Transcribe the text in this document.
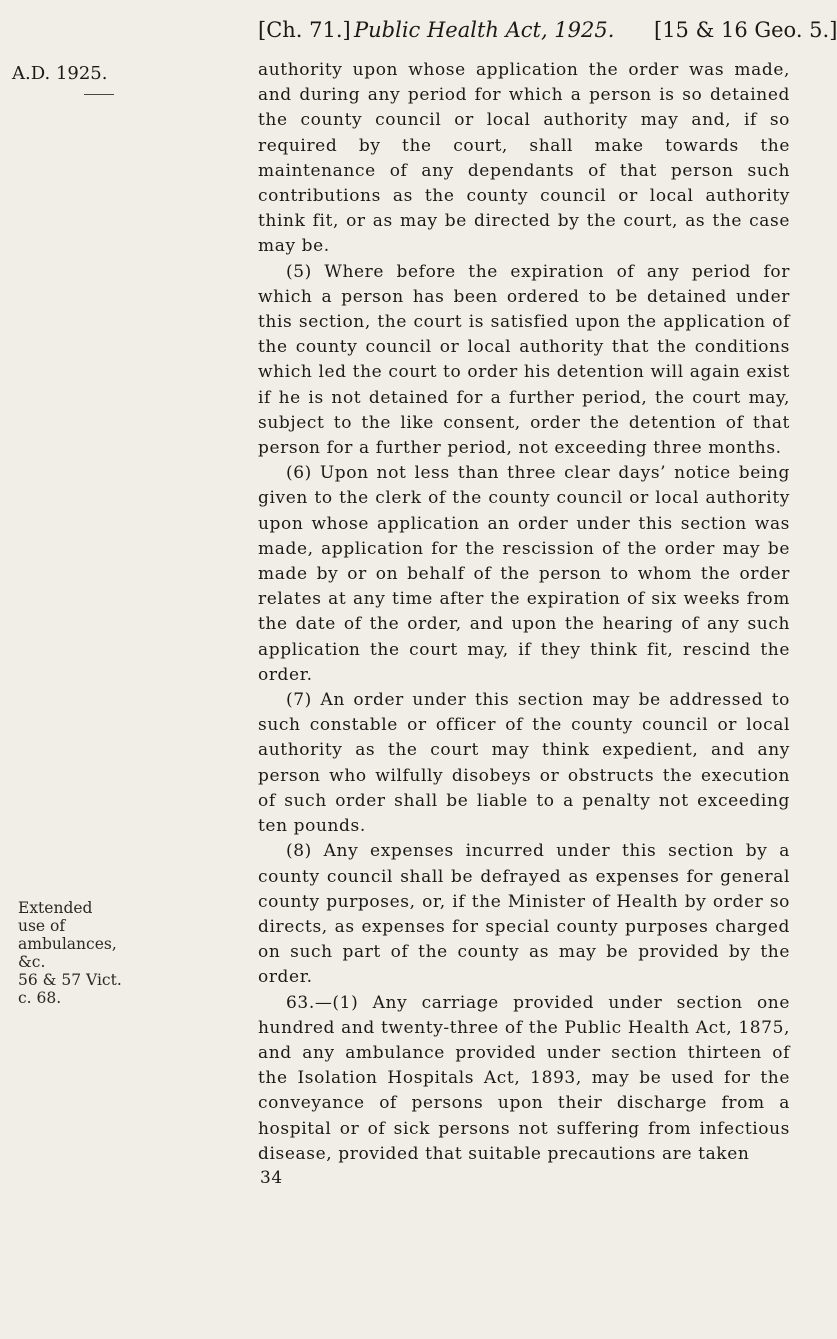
[Ch. 71.] Public Health Act, 1925. [15 & 16 Geo. 5.]
A.D. 1925.
Extended
use of
ambulances,
&c.
56 & 57 Vict.
c. 68.

authority upon whose application the order was made, and during any period for which a person is so detained the county council or local authority may and, if so required by the court, shall make towards the maintenance of any dependants of that person such contributions as the county council or local authority think fit, or as may be directed by the court, as the case may be.

(5) Where before the expiration of any period for which a person has been ordered to be detained under this section, the court is satisfied upon the application of the county council or local authority that the conditions which led the court to order his detention will again exist if he is not detained for a further period, the court may, subject to the like consent, order the detention of that person for a further period, not exceeding three months.

(6) Upon not less than three clear days’ notice being given to the clerk of the county council or local authority upon whose application an order under this section was made, application for the rescission of the order may be made by or on behalf of the person to whom the order relates at any time after the expiration of six weeks from the date of the order, and upon the hearing of any such application the court may, if they think fit, rescind the order.

(7) An order under this section may be addressed to such constable or officer of the county council or local authority as the court may think expedient, and any person who wilfully disobeys or obstructs the execution of such order shall be liable to a penalty not exceeding ten pounds.

(8) Any expenses incurred under this section by a county council shall be defrayed as expenses for general county purposes, or, if the Minister of Health by order so directs, as expenses for special county purposes charged on such part of the county as may be provided by the order.

63.—(1) Any carriage provided under section one hundred and twenty-three of the Public Health Act, 1875, and any ambulance provided under section thirteen of the Isolation Hospitals Act, 1893, may be used for the conveyance of persons upon their discharge from a hospital or of sick persons not suffering from infectious disease, provided that suitable precautions are taken

34
